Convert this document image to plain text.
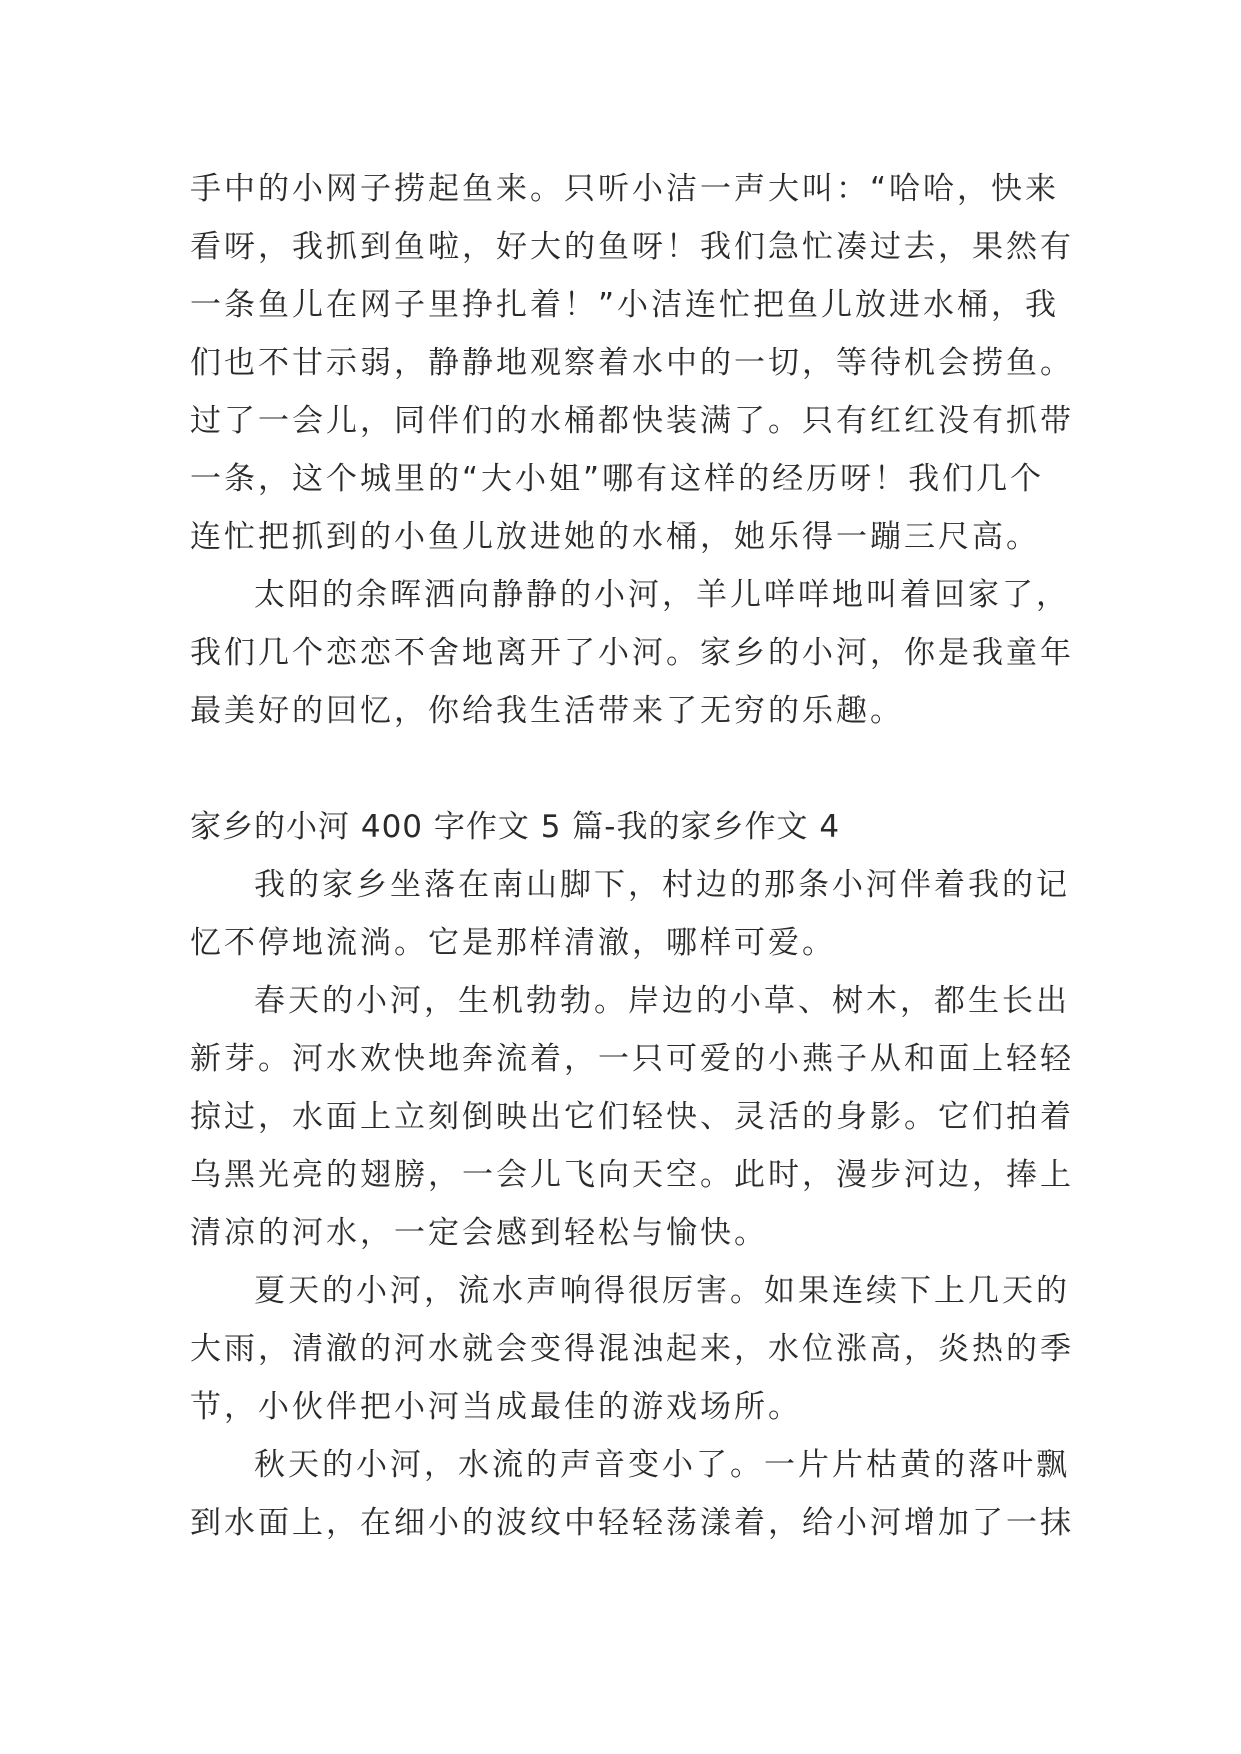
手中的小网子捞起鱼来。只听小洁一声大叫：“哈哈，快来
看呀，我抓到鱼啦，好大的鱼呀！我们急忙凑过去，果然有
一条鱼儿在网子里挣扎着！”小洁连忙把鱼儿放进水桶，我
们也不甘示弱，静静地观察着水中的一切，等待机会捞鱼。
过了一会儿，同伴们的水桶都快装满了。只有红红没有抓带
一条，这个城里的“大小姐”哪有这样的经历呀！我们几个
连忙把抓到的小鱼儿放进她的水桶，她乐得一蹦三尺高。
太阳的余晖洒向静静的小河，羊儿咩咩地叫着回家了，
我们几个恋恋不舍地离开了小河。家乡的小河，你是我童年
最美好的回忆，你给我生活带来了无穷的乐趣。
家乡的小河 400 字作文 5 篇-我的家乡作文 4
我的家乡坐落在南山脚下，村边的那条小河伴着我的记
忆不停地流淌。它是那样清澈，哪样可爱。
春天的小河，生机勃勃。岸边的小草、树木，都生长出
新芽。河水欢快地奔流着，一只可爱的小燕子从和面上轻轻
掠过，水面上立刻倒映出它们轻快、灵活的身影。它们拍着
乌黑光亮的翅膀，一会儿飞向天空。此时，漫步河边，捧上
清凉的河水，一定会感到轻松与愉快。
夏天的小河，流水声响得很厉害。如果连续下上几天的
大雨，清澈的河水就会变得混浊起来，水位涨高，炎热的季
节，小伙伴把小河当成最佳的游戏场所。
秋天的小河，水流的声音变小了。一片片枯黄的落叶飘
到水面上，在细小的波纹中轻轻荡漾着，给小河增加了一抹
